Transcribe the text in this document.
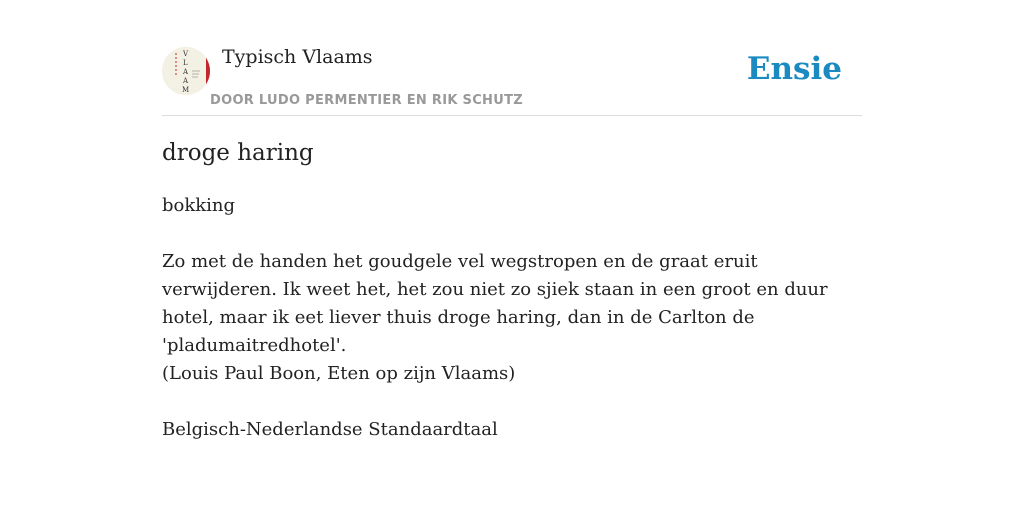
V
L
A
A
M
Typisch Vlaams
DOOR LUDO PERMENTIER EN RIK SCHUTZ
Ensie
droge haring

bokking

Zo met de handen het goudgele vel wegstropen en de graat eruit verwijderen. Ik weet het, het zou niet zo sjiek staan in een groot en duur hotel, maar ik eet liever thuis droge haring, dan in de Carlton de 'pladumaitredhotel'.

(Louis Paul Boon, Eten op zijn Vlaams)

Belgisch-Nederlandse Standaardtaal
